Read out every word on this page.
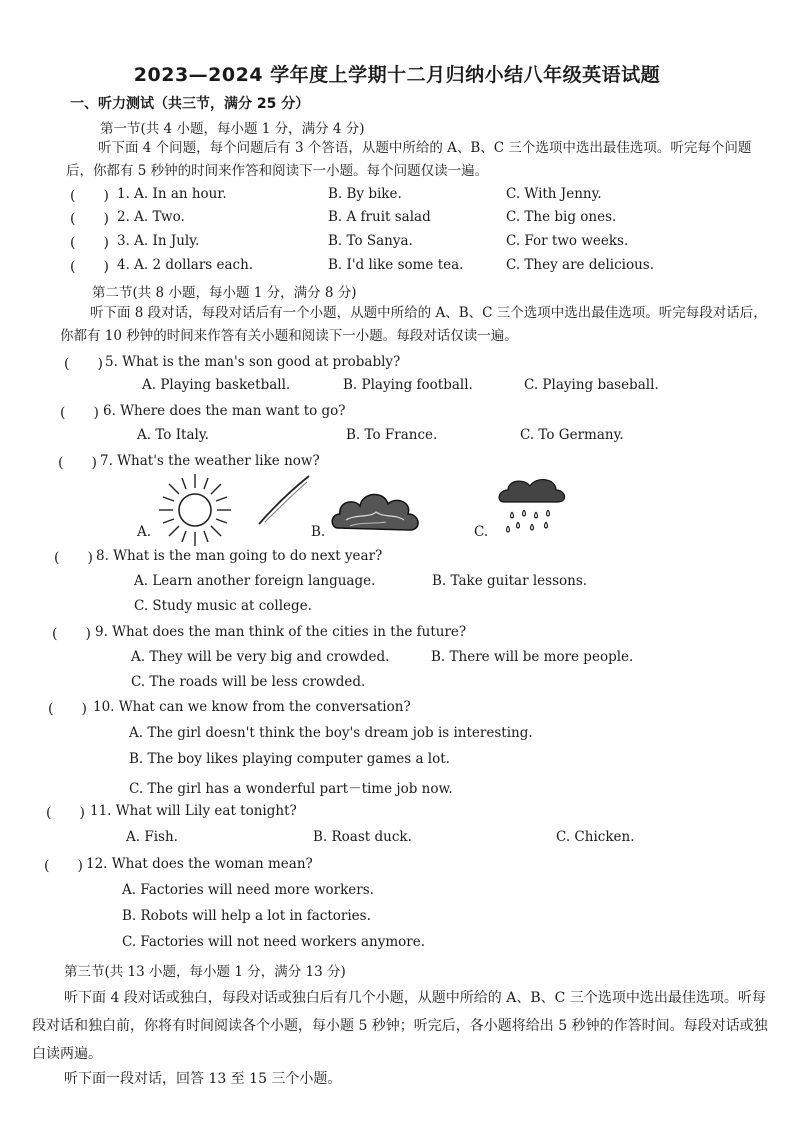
2023—2024 学年度上学期十二月归纳小结八年级英语试题
一、听力测试（共三节，满分 25 分）
第一节(共 4 小题，每小题 1 分，满分 4 分)
听下面 4 个问题，每个问题后有 3 个答语，从题中所给的 A、B、C 三个选项中选出最佳选项。听完每个问题后，你都有 5 秒钟的时间来作答和阅读下一小题。每个问题仅读一遍。
(　　) 1. A. In an hour.	B. By bike.	C. With Jenny.
(　　) 2. A. Two.	B. A fruit salad	C. The big ones.
(　　) 3. A. In July.	B. To Sanya.	C. For two weeks.
(　　) 4. A. 2 dollars each.	B. I'd like some tea.	C. They are delicious.
第二节(共 8 小题，每小题 1 分，满分 8 分)
听下面 8 段对话，每段对话后有一个小题，从题中所给的 A、B、C 三个选项中选出最佳选项。听完每段对话后，你都有 10 秒钟的时间来作答有关小题和阅读下一小题。每段对话仅读一遍。
(　　) 5. What is the man's son good at probably?
A. Playing basketball.	B. Playing football.	C. Playing baseball.
(　　) 6. Where does the man want to go?
A. To Italy.	B. To France.	C. To Germany.
(　　) 7. What's the weather like now?
A.	B.	C.
(　　) 8. What is the man going to do next year?
A. Learn another foreign language.	B. Take guitar lessons.
C. Study music at college.
(　　) 9. What does the man think of the cities in the future?
A. They will be very big and crowded.	B. There will be more people.
C. The roads will be less crowded.
(　　) 10. What can we know from the conversation?
A. The girl doesn't think the boy's dream job is interesting.
B. The boy likes playing computer games a lot.
C. The girl has a wonderful part－time job now.
(　　) 11. What will Lily eat tonight?
A. Fish.	B. Roast duck.	C. Chicken.
(　　) 12. What does the woman mean?
A. Factories will need more workers.
B. Robots will help a lot in factories.
C. Factories will not need workers anymore.
第三节(共 13 小题，每小题 1 分，满分 13 分)
听下面 4 段对话或独白，每段对话或独白后有几个小题，从题中所给的 A、B、C 三个选项中选出最佳选项。听每段对话和独白前，你将有时间阅读各个小题，每小题 5 秒钟；听完后，各小题将给出 5 秒钟的作答时间。每段对话或独白读两遍。
听下面一段对话，回答 13 至 15 三个小题。
